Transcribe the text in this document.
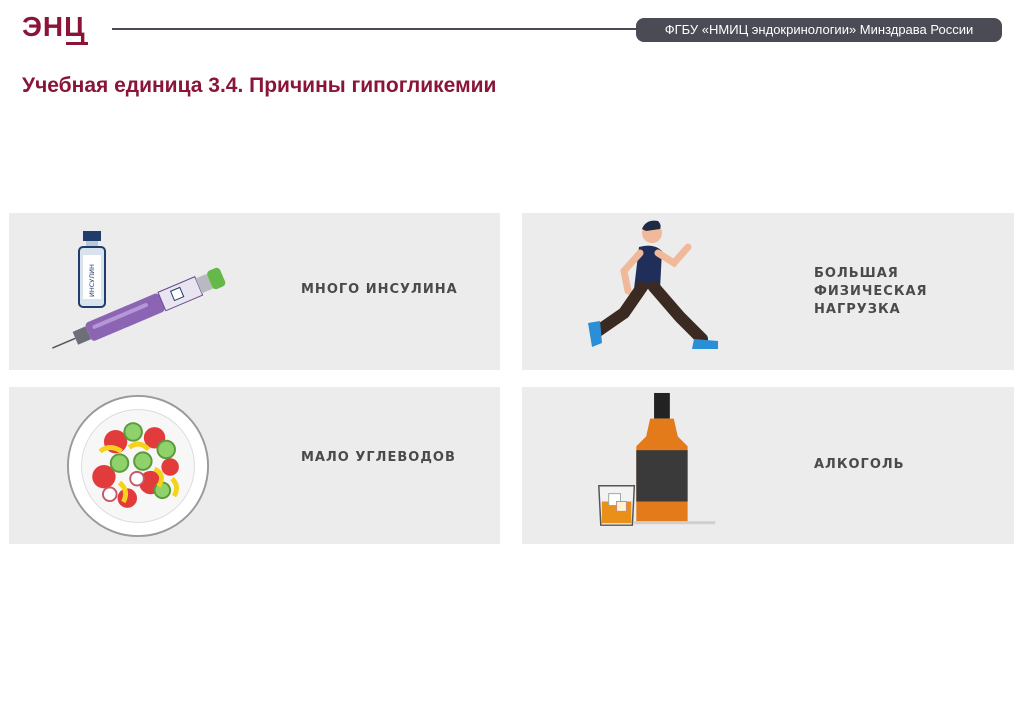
ЭНЦ	ФГБУ «НМИЦ эндокринологии» Минздрава России
Учебная единица 3.4. Причины гипогликемии
ИНСУЛИН	МНОГО ИНСУЛИНА
БОЛЬШАЯ
ФИЗИЧЕСКАЯ
НАГРУЗКА
МАЛО УГЛЕВОДОВ	АЛКОГОЛЬ
